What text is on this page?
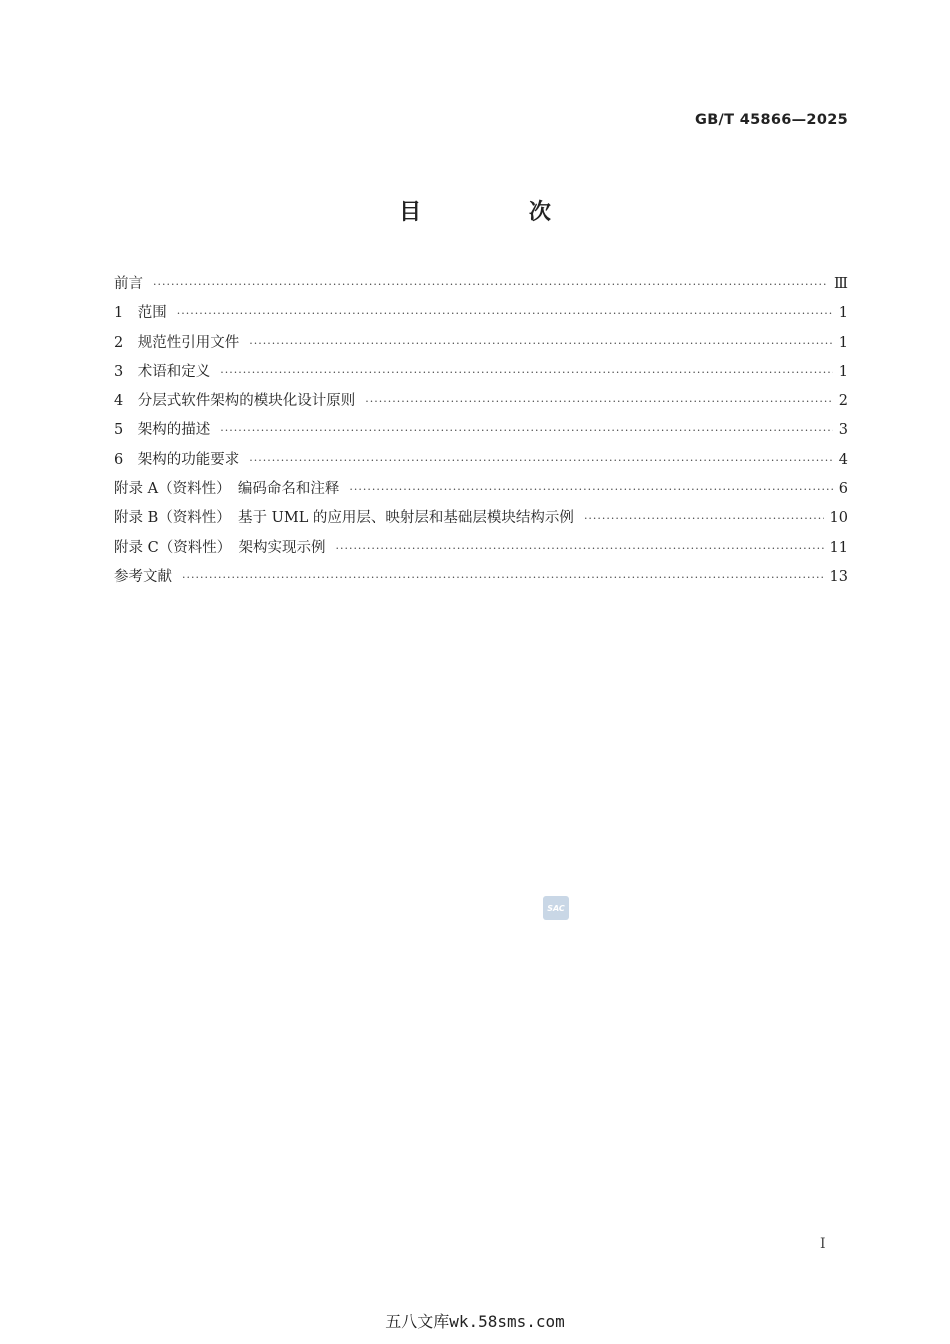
GB/T 45866—2025
目 次
前言 ·····	Ⅲ
1　范围 ·····	1
2　规范性引用文件 ·····	1
3　术语和定义 ·····	1
4　分层式软件架构的模块化设计原则 ·····	2
5　架构的描述 ·····	3
6　架构的功能要求 ·····	4
附录 A（资料性）　编码命名和注释 ·····	6
附录 B（资料性）　基于 UML 的应用层、映射层和基础层模块结构示例 ·····	10
附录 C（资料性）　架构实现示例 ·····	11
参考文献 ·····	13
SAC
I
五八文库wk.58sms.com
